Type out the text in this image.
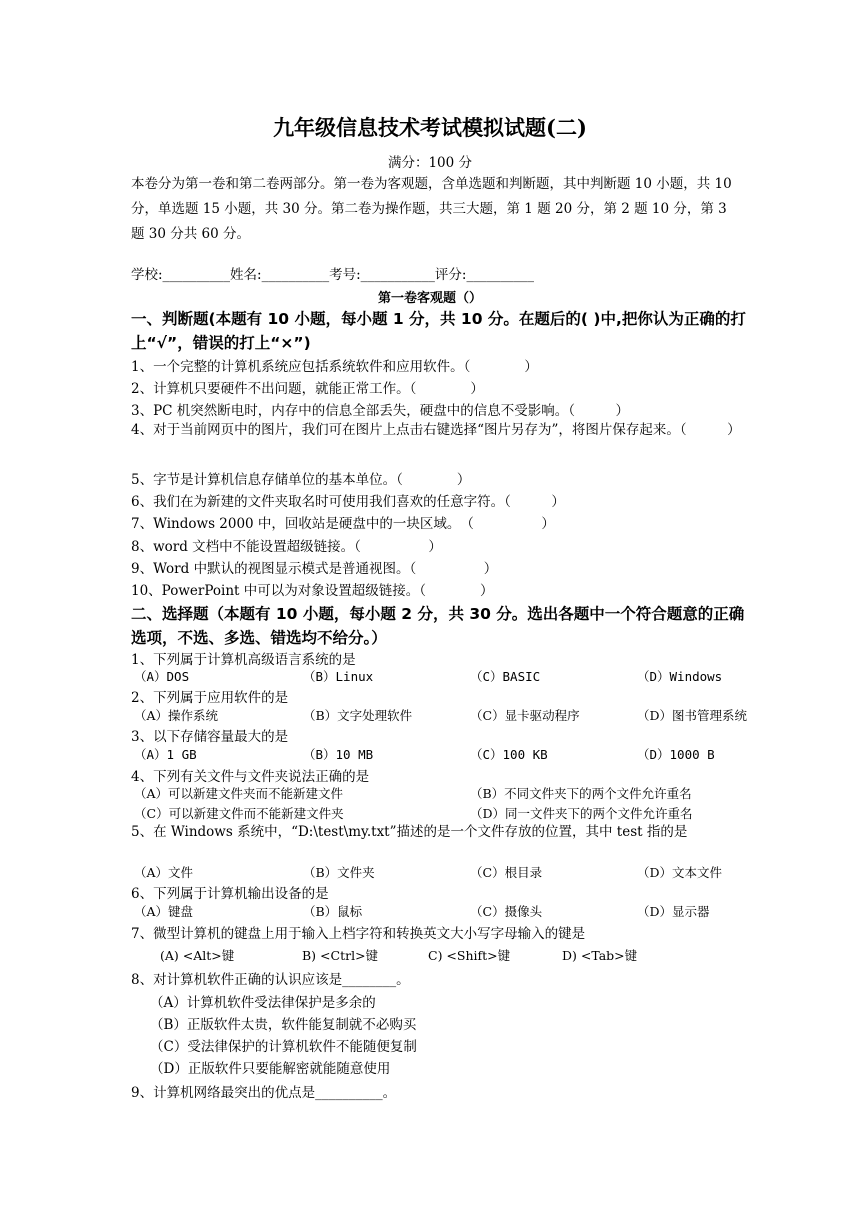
九年级信息技术考试模拟试题(二)
满分：100 分
本卷分为第一卷和第二卷两部分。第一卷为客观题，含单选题和判断题，其中判断题 10 小题，共 10 分，单选题 15 小题，共 30 分。第二卷为操作题，共三大题，第 1 题 20 分，第 2 题 10 分，第 3 题 30 分共 60 分。
学校:__________姓名:__________考号:___________评分:__________
第一卷客观题（）
一、判断题(本题有 10 小题，每小题 1 分，共 10 分。在题后的( )中,把你认为正确的打上“√”，错误的打上“×”)
1、一个完整的计算机系统应包括系统软件和应用软件。（　　　　）
2、计算机只要硬件不出问题，就能正常工作。（　　　　）
3、PC 机突然断电时，内存中的信息全部丢失，硬盘中的信息不受影响。（　　　）
4、对于当前网页中的图片，我们可在图片上点击右键选择“图片另存为”，将图片保存起来。（　　　）
5、字节是计算机信息存储单位的基本单位。（　　　　）
6、我们在为新建的文件夹取名时可使用我们喜欢的任意字符。（　　　）
7、Windows 2000 中，回收站是硬盘中的一块区域。　（　　　　　）
8、word 文档中不能设置超级链接。（　　　　　）
9、Word 中默认的视图显示模式是普通视图。（　　　　　）
10、PowerPoint 中可以为对象设置超级链接。（　　　　）
二、选择题（本题有 10 小题，每小题 2 分，共 30 分。选出各题中一个符合题意的正确选项，不选、多选、错选均不给分。）
1、下列属于计算机高级语言系统的是
（A）DOS	（B）Linux	（C）BASIC	（D）Windows
2、下列属于应用软件的是
（A）操作系统	（B）文字处理软件	（C）显卡驱动程序	（D）图书管理系统
3、以下存储容量最大的是
（A）1 GB	（B）10 MB	（C）100 KB	（D）1000 B
4、下列有关文件与文件夹说法正确的是
（A）可以新建文件夹而不能新建文件	（B）不同文件夹下的两个文件允许重名
（C）可以新建文件而不能新建文件夹	（D）同一文件夹下的两个文件允许重名
5、在 Windows 系统中，“D:\test\my.txt”描述的是一个文件存放的位置，其中 test 指的是
（A）文件	（B）文件夹	（C）根目录	（D）文本文件
6、下列属于计算机输出设备的是
（A）键盘	（B）鼠标	（C）摄像头	（D）显示器
7、微型计算机的键盘上用于输入上档字符和转换英文大小写字母输入的键是
(A) <Alt>键	B) <Ctrl>键	C) <Shift>键	D) <Tab>键
8、对计算机软件正确的认识应该是________。
（A）计算机软件受法律保护是多余的
（B）正版软件太贵，软件能复制就不必购买
（C）受法律保护的计算机软件不能随便复制
（D）正版软件只要能解密就能随意使用
9、计算机网络最突出的优点是__________。
